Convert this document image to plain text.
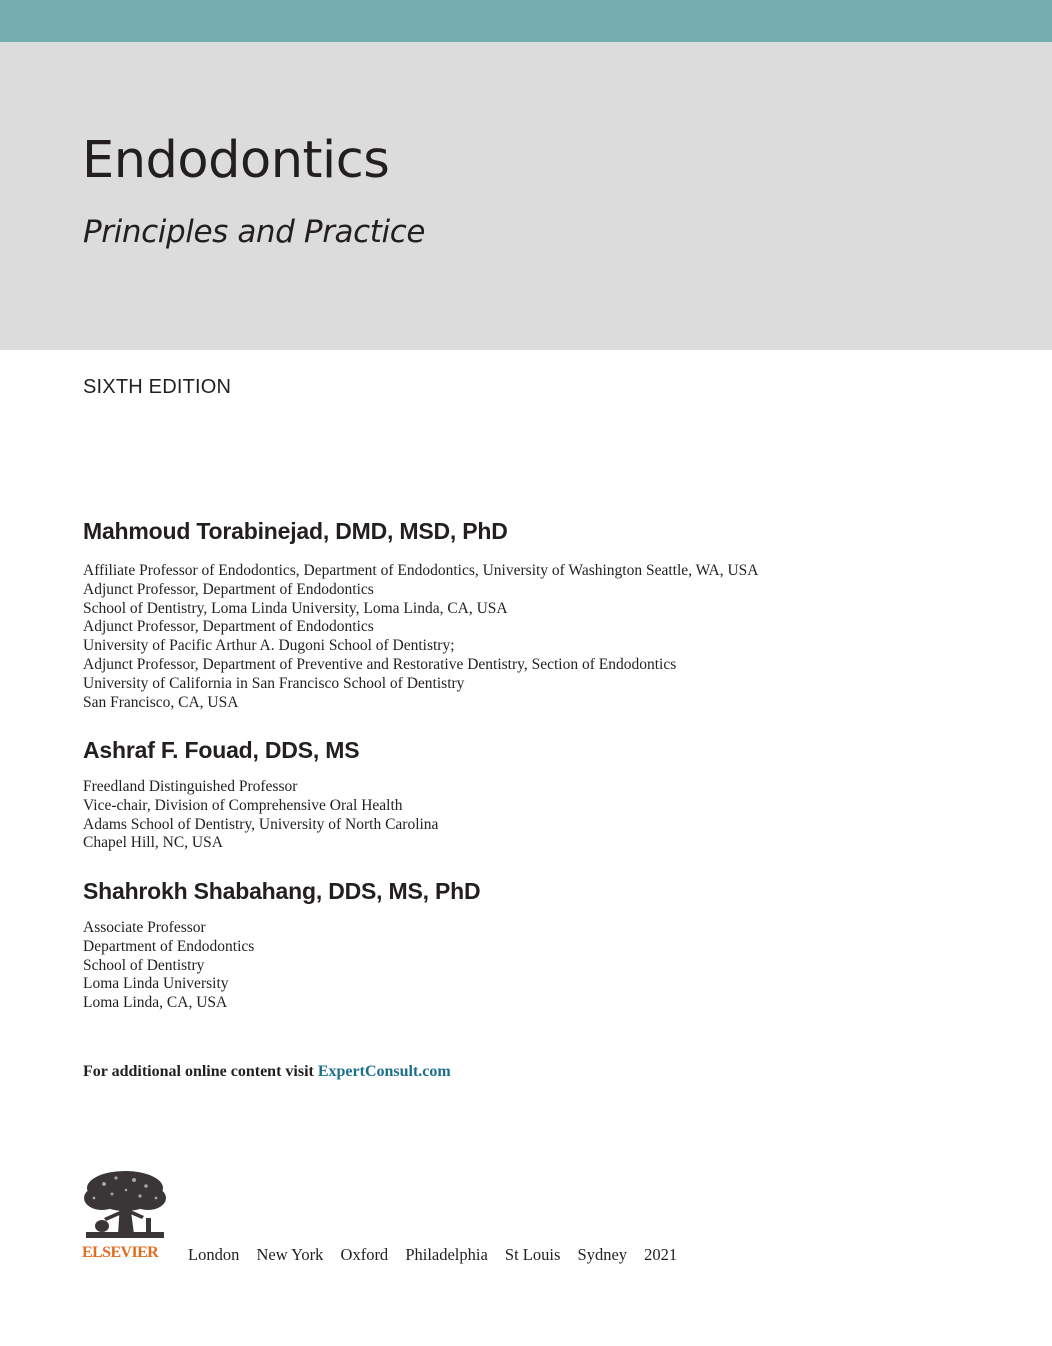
Endodontics
Principles and Practice
SIXTH EDITION
Mahmoud Torabinejad, DMD, MSD, PhD
Affiliate Professor of Endodontics, Department of Endodontics, University of Washington Seattle, WA, USA
Adjunct Professor, Department of Endodontics
School of Dentistry, Loma Linda University, Loma Linda, CA, USA
Adjunct Professor, Department of Endodontics
University of Pacific Arthur A. Dugoni School of Dentistry;
Adjunct Professor, Department of Preventive and Restorative Dentistry, Section of Endodontics
University of California in San Francisco School of Dentistry
San Francisco, CA, USA
Ashraf F. Fouad, DDS, MS
Freedland Distinguished Professor
Vice-chair, Division of Comprehensive Oral Health
Adams School of Dentistry, University of North Carolina
Chapel Hill, NC, USA
Shahrokh Shabahang, DDS, MS, PhD
Associate Professor
Department of Endodontics
School of Dentistry
Loma Linda University
Loma Linda, CA, USA
For additional online content visit ExpertConsult.com
ELSEVIER London New York Oxford Philadelphia St Louis Sydney 2021
